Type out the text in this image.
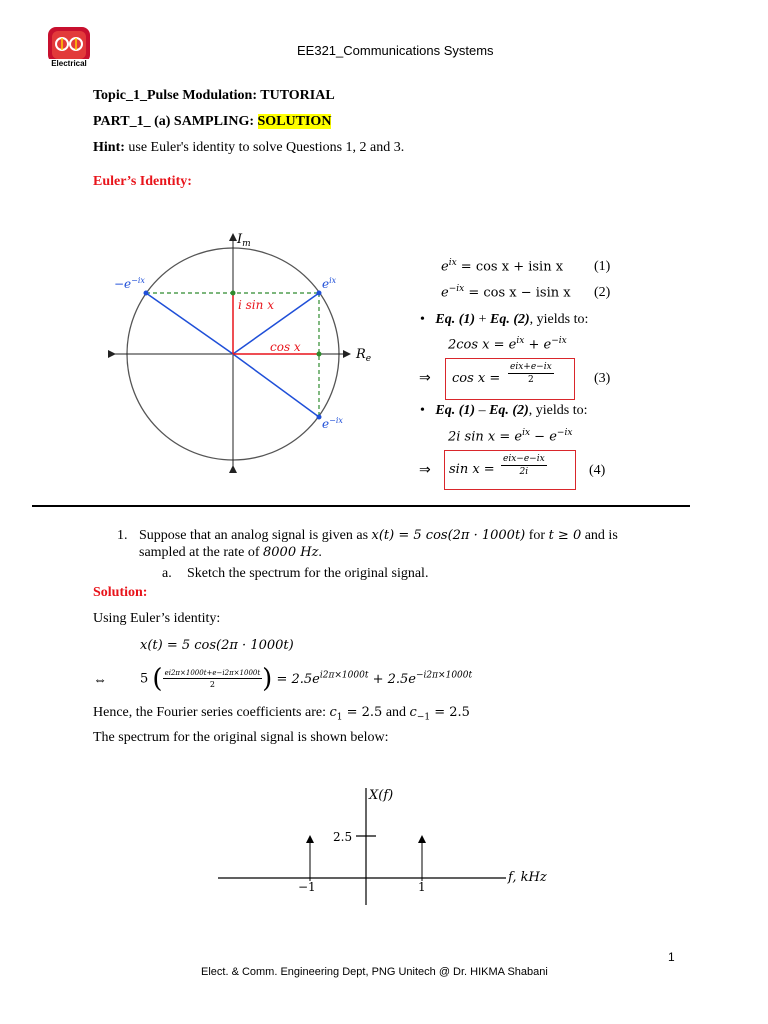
Electrical
EE321_Communications Systems
Topic_1_Pulse Modulation: TUTORIAL
PART_1_ (a) SAMPLING: SOLUTION
Hint: use Euler's identity to solve Questions 1, 2 and 3.
Euler’s Identity:
$I_m$
$R_e$
$-e^{-ix}$	$e^{ix}$
$e^{-ix}$
i sin x
cos x
$e^{ix} = \cos x + isin$ x (1)
$e^{-ix} = \cos x - isin$ x (2)
•   Eq. (1) + Eq. (2), yields to:
2cos $x = e^{ix} + e^{-ix}$
⇒ cos x =
eix+e−ix
2	(3)
•   Eq. (1) – Eq. (2), yields to:
2i $\sin x = e^{ix} - e^{-ix}$
⇒ sin x =
eix−e−ix
2i	(4)
1. Suppose that an analog signal is given as x(t) = 5 cos(2π · 1000t) for t ≥ 0 and is
sampled at the rate of 8000 Hz.
a. Sketch the spectrum for the original signal.
Solution:
Using Euler’s identity:
x(t) = 5 cos(2π · 1000t)
⇔	5 ( $\frac{ei2\pi\times 1000t+e-i2\pi\times 1000t}{2}$ ) = $2.5e^{i2\pi\times 1000t} + 2.5e^{-i2\pi\times 1000t}$
Hence, the Fourier series coefficients are: $c_1 = 2.5$ and $c_{-1} = 2.5$
The spectrum for the original signal is shown below:
X(f)
f, kHz
2.5
−1	1
1
Elect. & Comm. Engineering Dept, PNG Unitech @ Dr. HIKMA Shabani
